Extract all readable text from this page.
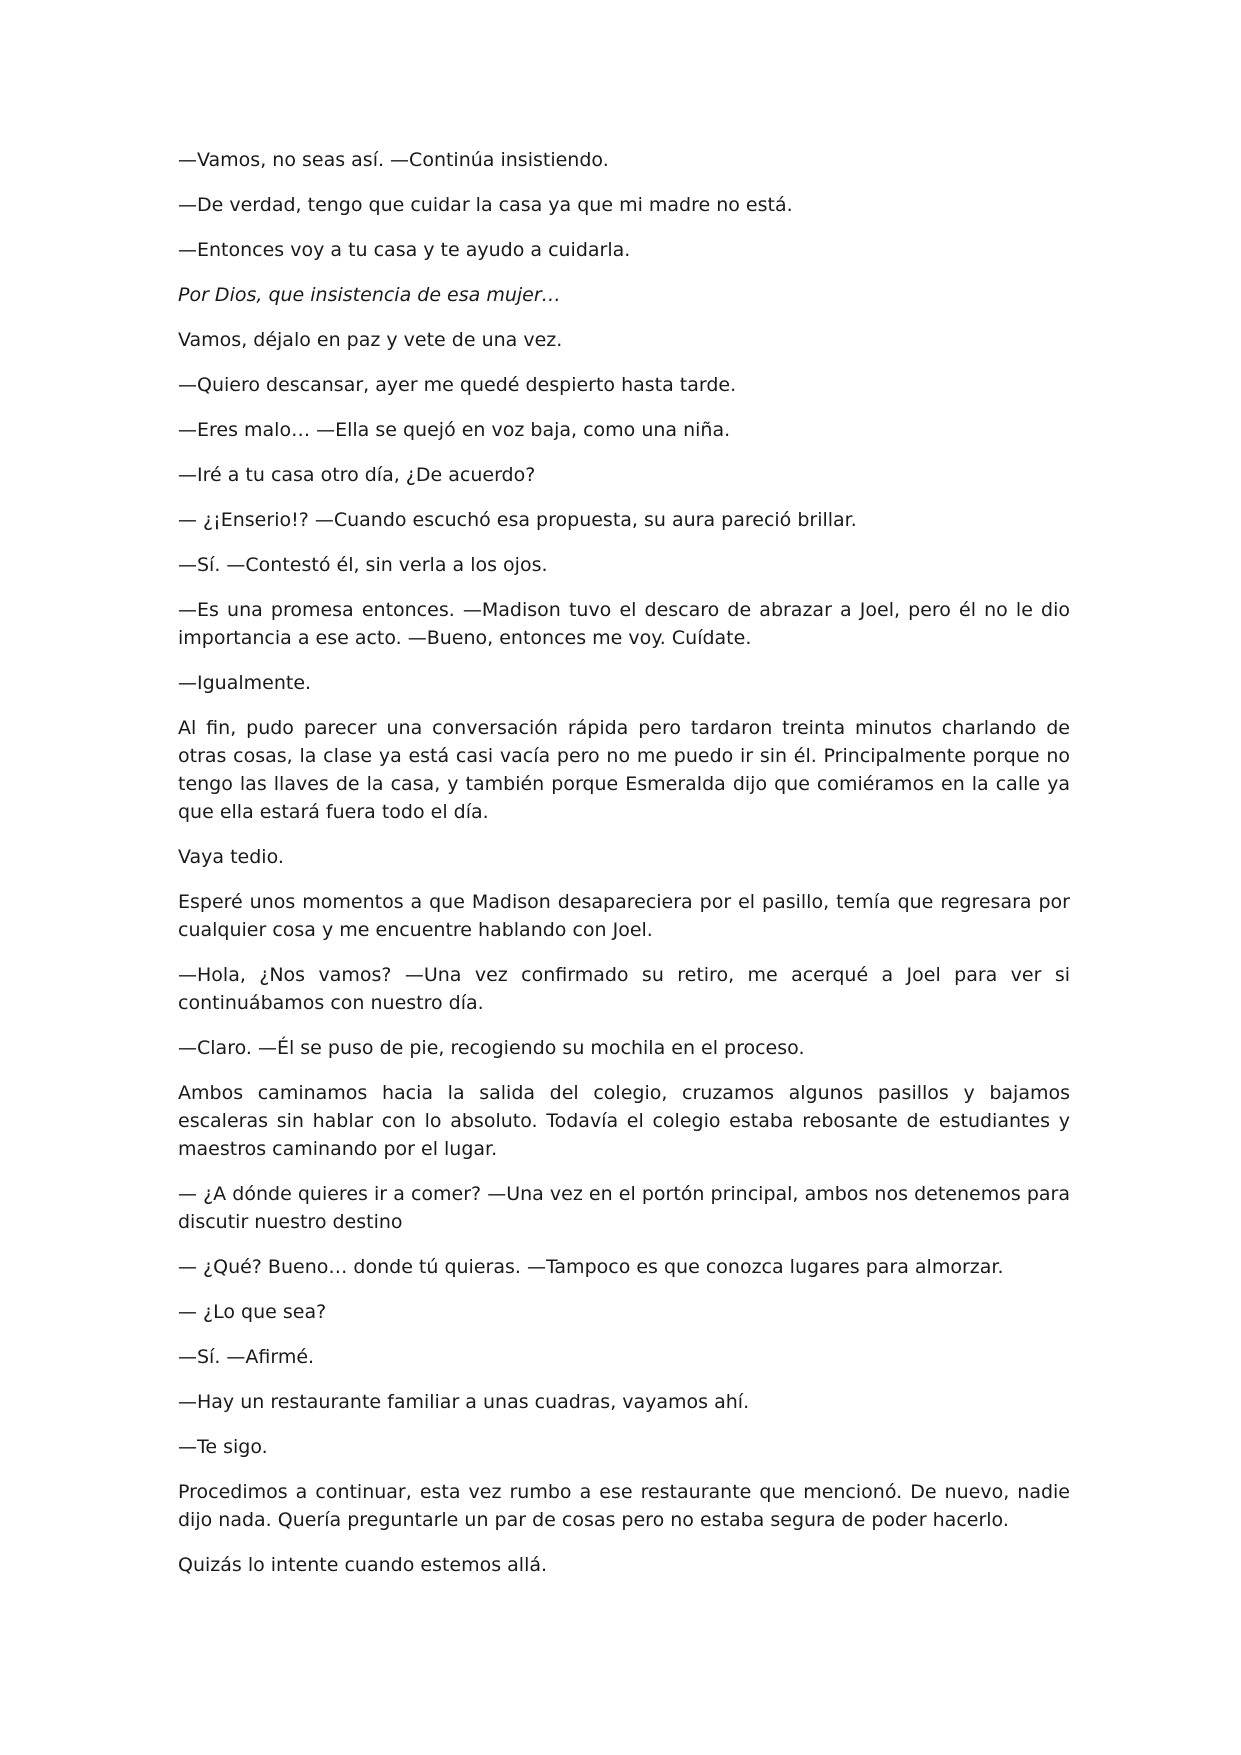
—Vamos, no seas así. —Continúa insistiendo.

—De verdad, tengo que cuidar la casa ya que mi madre no está.

—Entonces voy a tu casa y te ayudo a cuidarla.

Por Dios, que insistencia de esa mujer…

Vamos, déjalo en paz y vete de una vez.

—Quiero descansar, ayer me quedé despierto hasta tarde.

—Eres malo… —Ella se quejó en voz baja, como una niña.

—Iré a tu casa otro día, ¿De acuerdo?

— ¿¡Enserio!? —Cuando escuchó esa propuesta, su aura pareció brillar.

—Sí. —Contestó él, sin verla a los ojos.

—Es una promesa entonces. —Madison tuvo el descaro de abrazar a Joel, pero él no le dio importancia a ese acto. —Bueno, entonces me voy. Cuídate.

—Igualmente.

Al fin, pudo parecer una conversación rápida pero tardaron treinta minutos charlando de otras cosas, la clase ya está casi vacía pero no me puedo ir sin él. Principalmente porque no tengo las llaves de la casa, y también porque Esmeralda dijo que comiéramos en la calle ya que ella estará fuera todo el día.

Vaya tedio.

Esperé unos momentos a que Madison desapareciera por el pasillo, temía que regresara por cualquier cosa y me encuentre hablando con Joel.

—Hola, ¿Nos vamos? —Una vez confirmado su retiro, me acerqué a Joel para ver si continuábamos con nuestro día.

—Claro. —Él se puso de pie, recogiendo su mochila en el proceso.

Ambos caminamos hacia la salida del colegio, cruzamos algunos pasillos y bajamos escaleras sin hablar con lo absoluto. Todavía el colegio estaba rebosante de estudiantes y maestros caminando por el lugar.

— ¿A dónde quieres ir a comer? —Una vez en el portón principal, ambos nos detenemos para discutir nuestro destino

— ¿Qué? Bueno… donde tú quieras. —Tampoco es que conozca lugares para almorzar.

— ¿Lo que sea?

—Sí. —Afirmé.

—Hay un restaurante familiar a unas cuadras, vayamos ahí.

—Te sigo.

Procedimos a continuar, esta vez rumbo a ese restaurante que mencionó. De nuevo, nadie dijo nada. Quería preguntarle un par de cosas pero no estaba segura de poder hacerlo.

Quizás lo intente cuando estemos allá.
